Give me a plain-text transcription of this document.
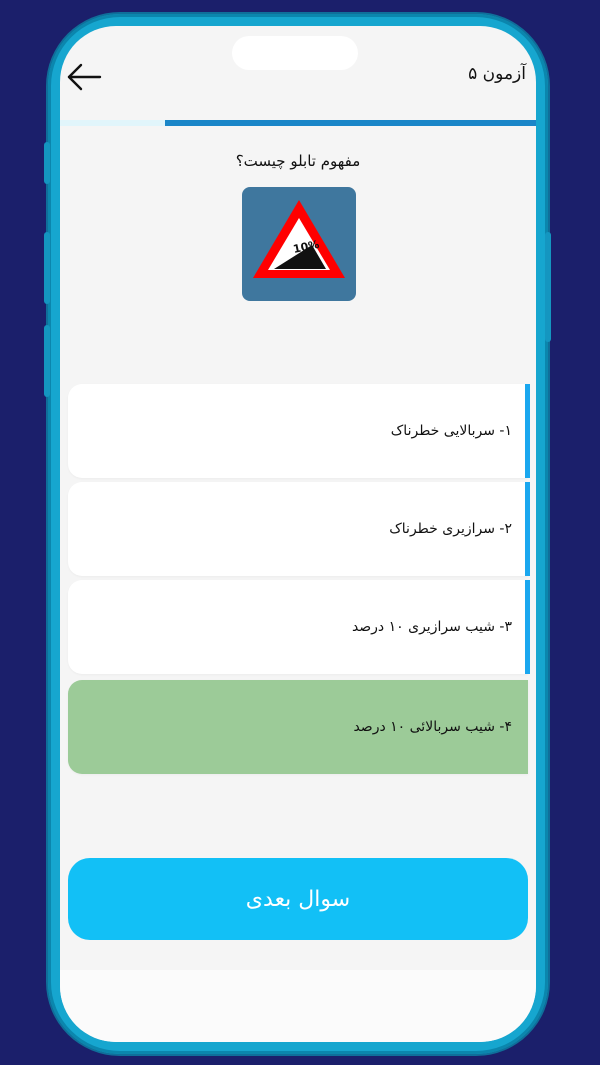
آزمون ۵
مفهوم تابلو چیست؟
10%
۱- سربالایی خطرناک
۲- سرازیری خطرناک
۳- شیب سرازیری ۱۰ درصد
۴- شیب سربالائی ۱۰ درصد
سوال بعدی
